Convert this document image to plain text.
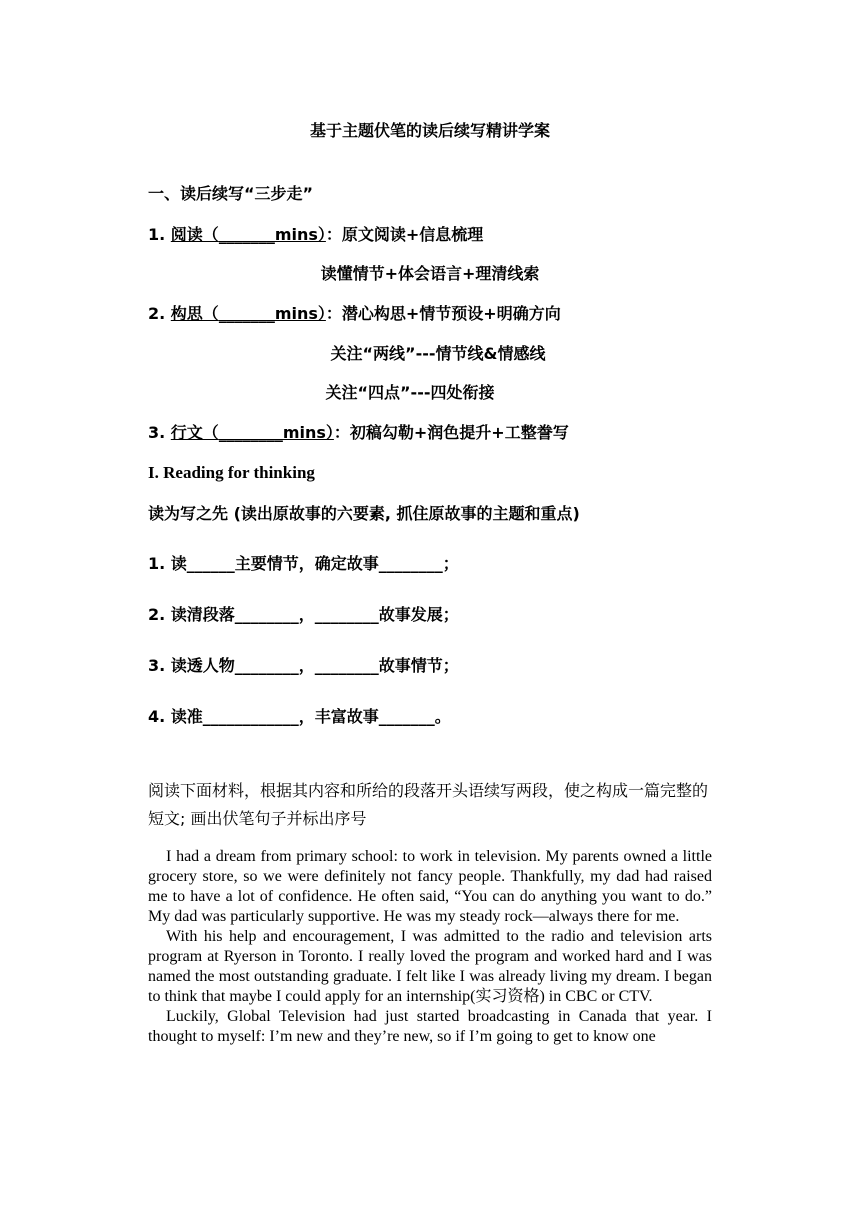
基于主题伏笔的读后续写精讲学案
一、读后续写“三步走”
1. 阅读（_______mins）：原文阅读+信息梳理
读懂情节+体会语言+理清线索
2. 构思（_______mins）：潜心构思+情节预设+明确方向
关注“两线”---情节线&情感线
关注“四点”---四处衔接
3. 行文（________mins）：初稿勾勒+润色提升+工整誊写
I. Reading for thinking
读为写之先 (读出原故事的六要素, 抓住原故事的主题和重点)
1. 读______主要情节，确定故事________；
2. 读清段落________，________故事发展；
3. 读透人物________，________故事情节；
4. 读准____________，丰富故事_______。
阅读下面材料，根据其内容和所给的段落开头语续写两段，使之构成一篇完整的短文; 画出伏笔句子并标出序号

I had a dream from primary school: to work in television. My parents owned a little grocery store, so we were definitely not fancy people. Thankfully, my dad had raised me to have a lot of confidence. He often said, “You can do anything you want to do.” My dad was particularly supportive. He was my steady rock—always there for me.

With his help and encouragement, I was admitted to the radio and television arts program at Ryerson in Toronto. I really loved the program and worked hard and I was named the most outstanding graduate. I felt like I was already living my dream. I began to think that maybe I could apply for an internship(实习资格) in CBC or CTV.

Luckily, Global Television had just started broadcasting in Canada that year. I thought to myself: I’m new and they’re new, so if I’m going to get to know one
